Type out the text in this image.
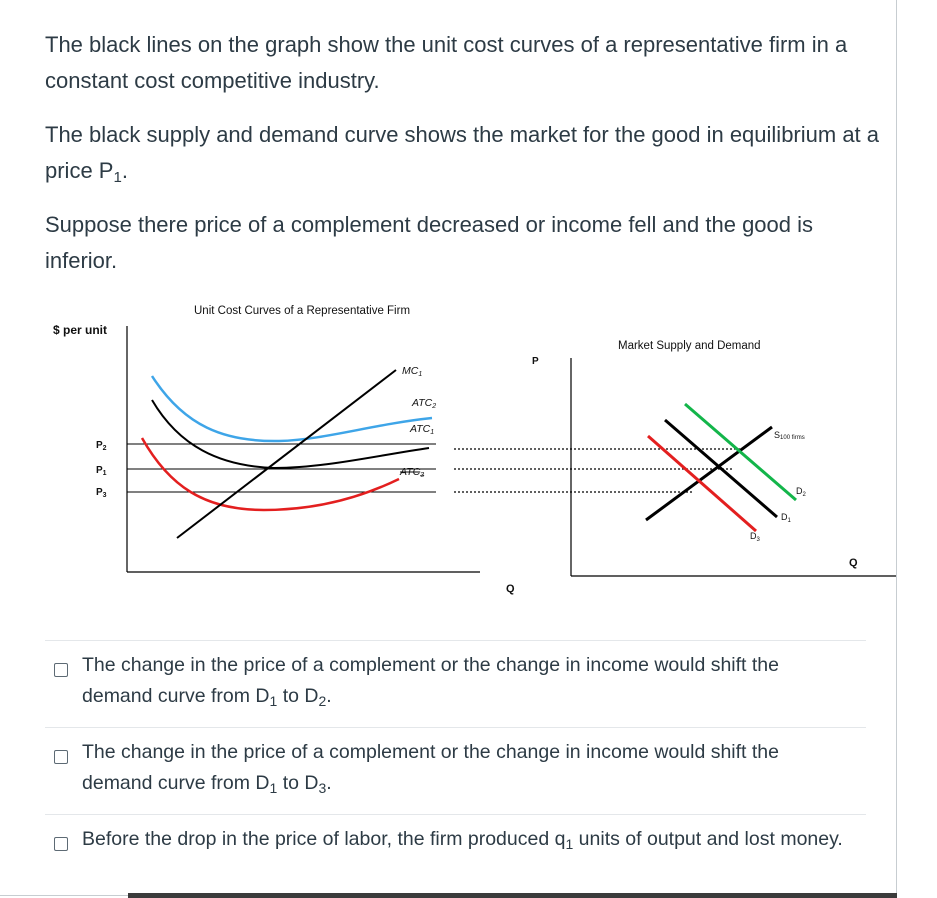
The black lines on the graph show the unit cost curves of a representative firm in a constant cost competitive industry.

The black supply and demand curve shows the market for the good in equilibrium at a price P1.

Suppose there price of a complement decreased or income fell and the good is inferior.

Unit Cost Curves of a Representative Firm
$ per unit
Q
$P_2$
$P_1$
$P_3$
MC1
ATC2
ATC1
ATC3
Market Supply and Demand
P
Q
S100 firms
$D_2$
$D_1$
$D_3$
The change in the price of a complement or the change in income would shift the demand curve from $D_1$ to $D_2$.
The change in the price of a complement or the change in income would shift the demand curve from $D_1$ to $D_3$.
Before the drop in the price of labor, the firm produced $q_1$ units of output and lost money.
